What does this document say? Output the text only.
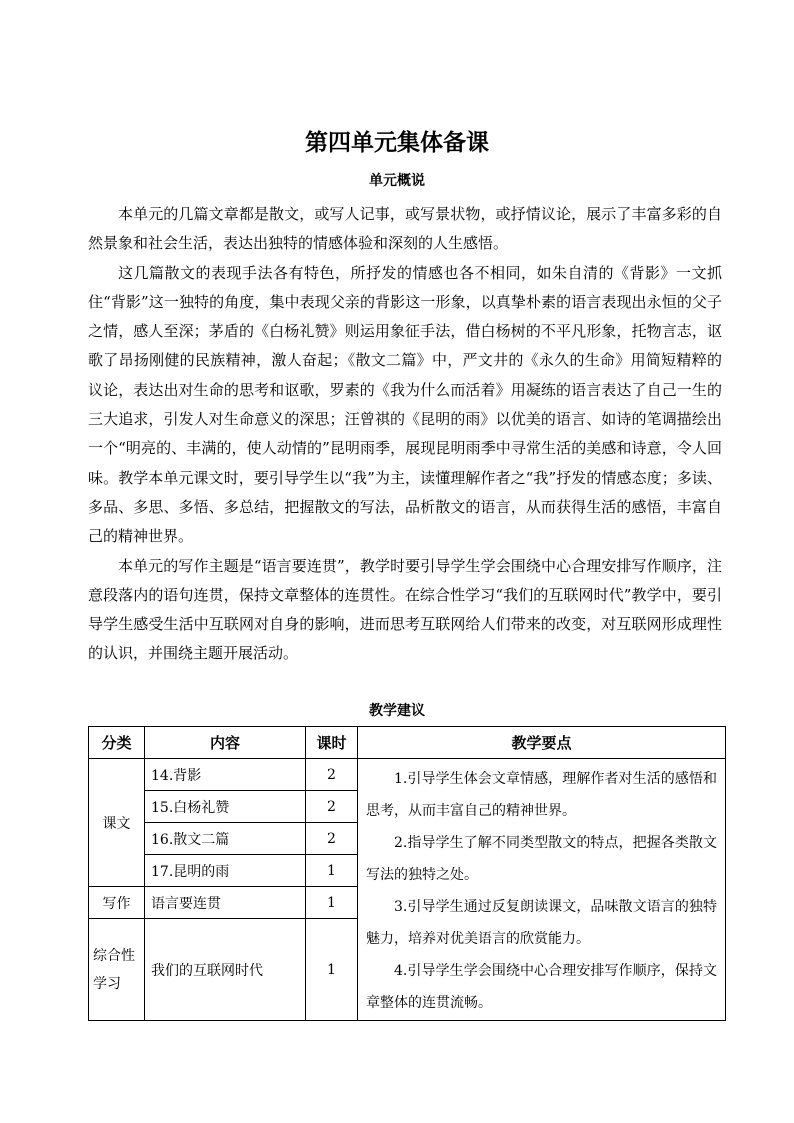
第四单元集体备课
单元概说

本单元的几篇文章都是散文，或写人记事，或写景状物，或抒情议论，展示了丰富多彩的自然景象和社会生活，表达出独特的情感体验和深刻的人生感悟。

这几篇散文的表现手法各有特色，所抒发的情感也各不相同，如朱自清的《背影》一文抓住“背影”这一独特的角度，集中表现父亲的背影这一形象，以真挚朴素的语言表现出永恒的父子之情，感人至深；茅盾的《白杨礼赞》则运用象征手法，借白杨树的不平凡形象，托物言志，讴歌了昂扬刚健的民族精神，激人奋起；《散文二篇》中，严文井的《永久的生命》用简短精粹的议论，表达出对生命的思考和讴歌，罗素的《我为什么而活着》用凝练的语言表达了自己一生的三大追求，引发人对生命意义的深思；汪曾祺的《昆明的雨》以优美的语言、如诗的笔调描绘出一个“明亮的、丰满的，使人动情的”昆明雨季，展现昆明雨季中寻常生活的美感和诗意，令人回味。教学本单元课文时，要引导学生以“我”为主，读懂理解作者之“我”抒发的情感态度；多读、多品、多思、多悟、多总结，把握散文的写法，品析散文的语言，从而获得生活的感悟，丰富自己的精神世界。

本单元的写作主题是“语言要连贯”，教学时要引导学生学会围绕中心合理安排写作顺序，注意段落内的语句连贯，保持文章整体的连贯性。在综合性学习“我们的互联网时代”教学中，要引导学生感受生活中互联网对自身的影响，进而思考互联网给人们带来的改变，对互联网形成理性的认识，并围绕主题开展活动。

教学建议
分类	内容	课时	教学要点
课文	14.背影	2	1.引导学生体会文章情感，理解作者对生活的感悟和思考，从而丰富自己的精神世界。

2.指导学生了解不同类型散文的特点，把握各类散文写法的独特之处。

3.引导学生通过反复朗读课文，品味散文语言的独特魅力，培养对优美语言的欣赏能力。

4.引导学生学会围绕中心合理安排写作顺序，保持文章整体的连贯流畅。

	15.白杨礼赞	2	
	16.散文二篇	2	
	17.昆明的雨	1	
写作	语言要连贯	1	
综合性学习	我们的互联网时代	1	
